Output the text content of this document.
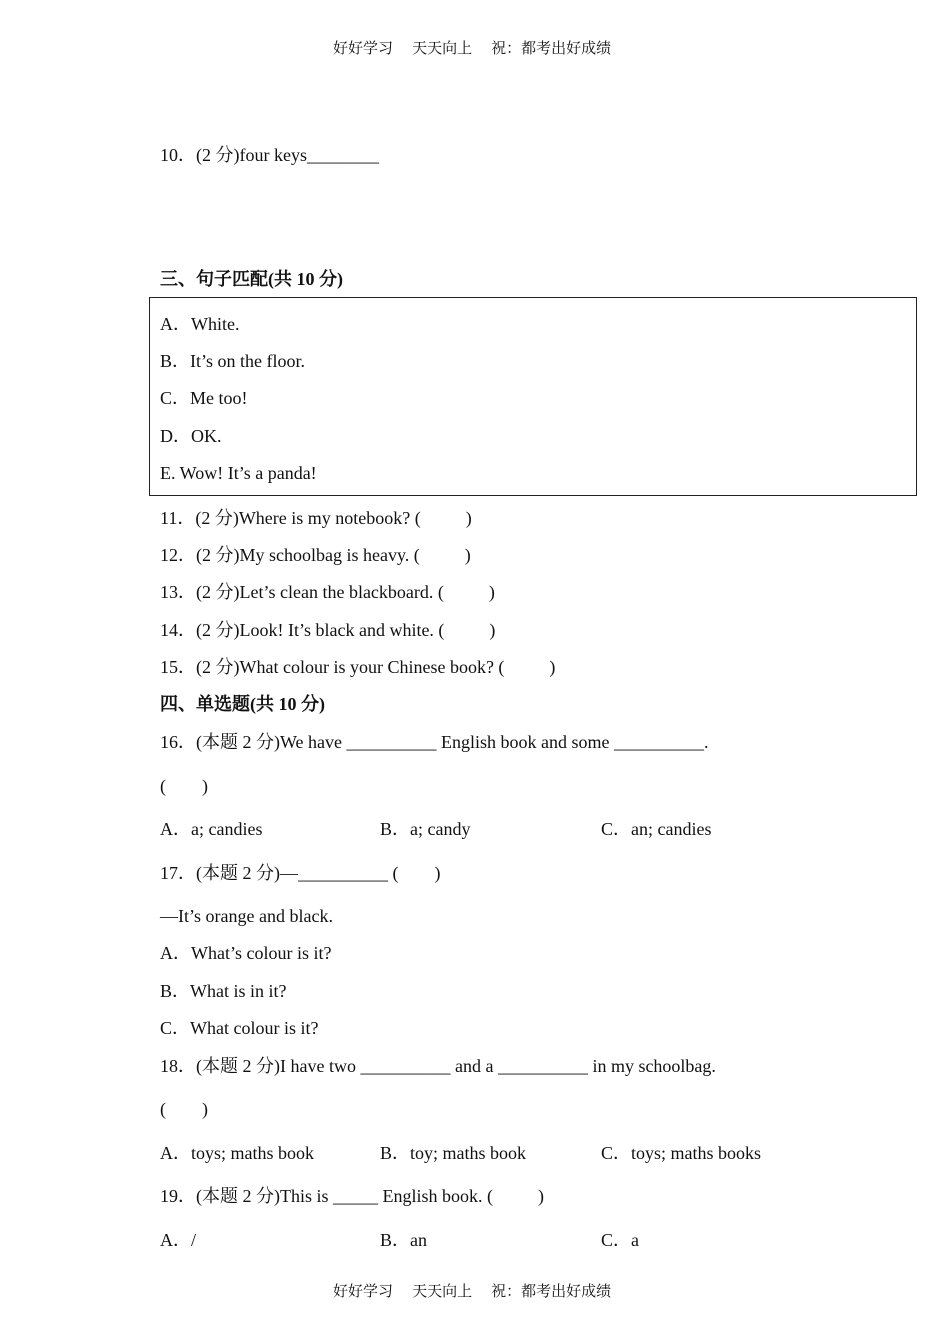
好好学习    天天向上    祝：都考出好成绩
10．(2 分)four keys________
三、句子匹配(共 10 分)
A．White.
B．It’s on the floor.
C．Me too!
D．OK.
E. Wow! It’s a panda!
11．(2 分)Where is my notebook? (          )
12．(2 分)My schoolbag is heavy. (          )
13．(2 分)Let’s clean the blackboard. (          )
14．(2 分)Look! It’s black and white. (          )
15．(2 分)What colour is your Chinese book? (          )
四、单选题(共 10 分)
16．(本题 2 分)We have __________ English book and some __________.
(        )
A．a; candies	B．a; candy	C．an; candies
17．(本题 2 分)—__________ (        )
—It’s orange and black.
A．What’s colour is it?
B．What is in it?
C．What colour is it?
18．(本题 2 分)I have two __________ and a __________ in my schoolbag.
(        )
A．toys; maths book	B．toy; maths book	C．toys; maths books
19．(本题 2 分)This is _____ English book. (          )
A．/	B．an	C．a
好好学习    天天向上    祝：都考出好成绩
